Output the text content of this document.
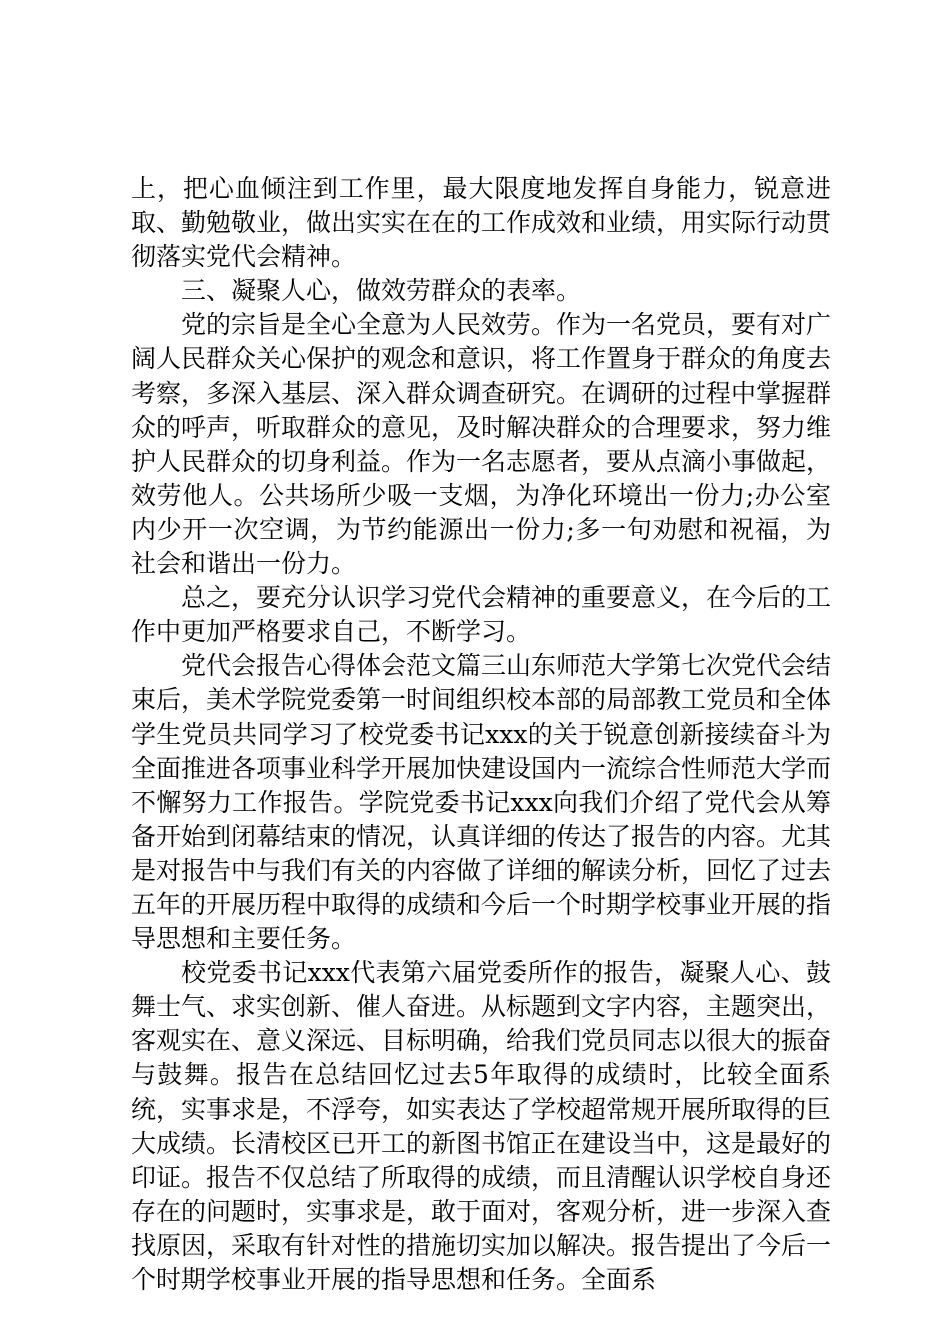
上，把心血倾注到工作里，最大限度地发挥自身能力，锐意进取、勤勉敬业，做出实实在在的工作成效和业绩，用实际行动贯彻落实党代会精神。

三、凝聚人心，做效劳群众的表率。

党的宗旨是全心全意为人民效劳。作为一名党员，要有对广阔人民群众关心保护的观念和意识，将工作置身于群众的角度去考察，多深入基层、深入群众调查研究。在调研的过程中掌握群众的呼声，听取群众的意见，及时解决群众的合理要求，努力维护人民群众的切身利益。作为一名志愿者，要从点滴小事做起，效劳他人。公共场所少吸一支烟，为净化环境出一份力;办公室内少开一次空调，为节约能源出一份力;多一句劝慰和祝福，为社会和谐出一份力。

总之，要充分认识学习党代会精神的重要意义，在今后的工作中更加严格要求自己，不断学习。

党代会报告心得体会范文篇三山东师范大学第七次党代会结束后，美术学院党委第一时间组织校本部的局部教工党员和全体学生党员共同学习了校党委书记xxx的关于锐意创新接续奋斗为全面推进各项事业科学开展加快建设国内一流综合性师范大学而不懈努力工作报告。学院党委书记xxx向我们介绍了党代会从筹备开始到闭幕结束的情况，认真详细的传达了报告的内容。尤其是对报告中与我们有关的内容做了详细的解读分析，回忆了过去五年的开展历程中取得的成绩和今后一个时期学校事业开展的指导思想和主要任务。

校党委书记xxx代表第六届党委所作的报告，凝聚人心、鼓舞士气、求实创新、催人奋进。从标题到文字内容，主题突出，客观实在、意义深远、目标明确，给我们党员同志以很大的振奋与鼓舞。报告在总结回忆过去5年取得的成绩时，比较全面系统，实事求是，不浮夸，如实表达了学校超常规开展所取得的巨大成绩。长清校区已开工的新图书馆正在建设当中，这是最好的印证。报告不仅总结了所取得的成绩，而且清醒认识学校自身还存在的问题时，实事求是，敢于面对，客观分析，进一步深入查找原因，采取有针对性的措施切实加以解决。报告提出了今后一个时期学校事业开展的指导思想和任务。全面系
